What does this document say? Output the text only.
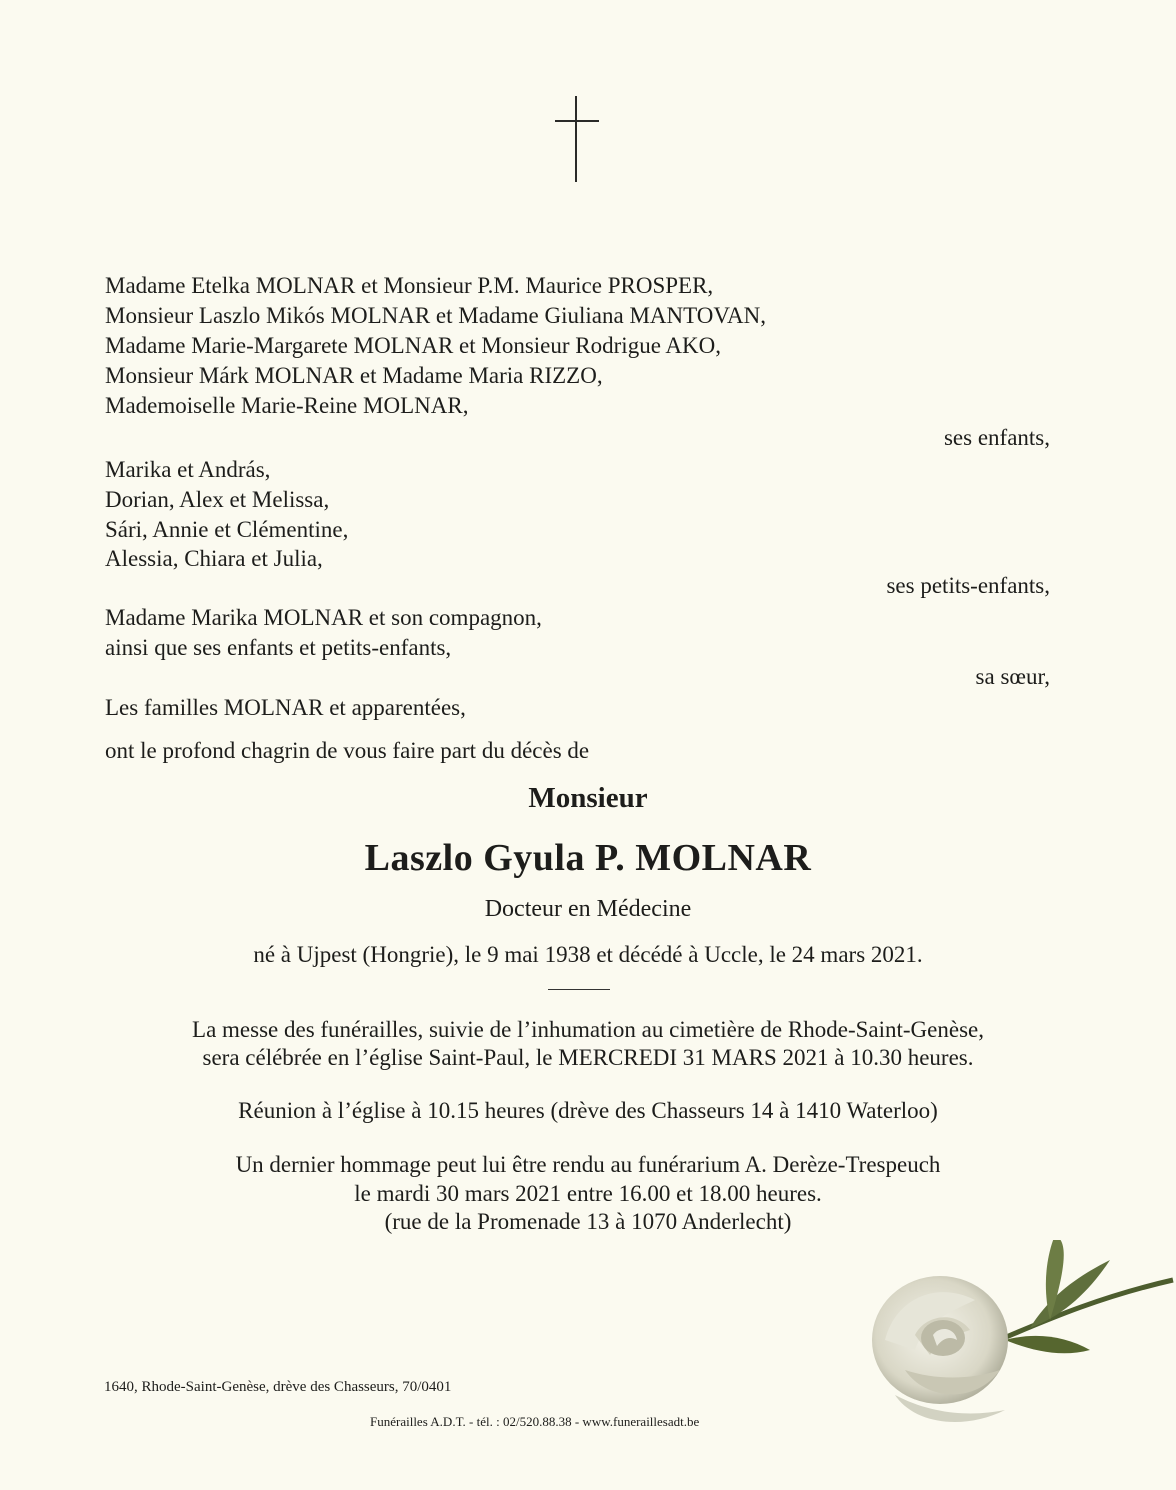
Madame Etelka MOLNAR et Monsieur P.M. Maurice PROSPER,
Monsieur Laszlo Mikós MOLNAR et Madame Giuliana MANTOVAN,
Madame Marie-Margarete MOLNAR et Monsieur Rodrigue AKO,
Monsieur Márk MOLNAR et Madame Maria RIZZO,
Mademoiselle Marie-Reine MOLNAR,
ses enfants,
Marika et András,
Dorian, Alex et Melissa,
Sári, Annie et Clémentine,
Alessia, Chiara et Julia,
ses petits-enfants,
Madame Marika MOLNAR et son compagnon,
ainsi que ses enfants et petits-enfants,
sa sœur,
Les familles MOLNAR et apparentées,
ont le profond chagrin de vous faire part du décès de
Monsieur
Laszlo Gyula P. MOLNAR
Docteur en Médecine
né à Ujpest (Hongrie), le 9 mai 1938 et décédé à Uccle, le 24 mars 2021.
La messe des funérailles, suivie de l’inhumation au cimetière de Rhode-Saint-Genèse,
sera célébrée en l’église Saint-Paul, le MERCREDI 31 MARS 2021 à 10.30 heures.
Réunion à l’église à 10.15 heures (drève des Chasseurs 14 à 1410 Waterloo)
Un dernier hommage peut lui être rendu au funérarium A. Derèze-Trespeuch
le mardi 30 mars 2021 entre 16.00 et 18.00 heures.
(rue de la Promenade 13 à 1070 Anderlecht)
1640, Rhode-Saint-Genèse, drève des Chasseurs, 70/0401
Funérailles A.D.T. - tél. : 02/520.88.38 - www.funeraillesadt.be
